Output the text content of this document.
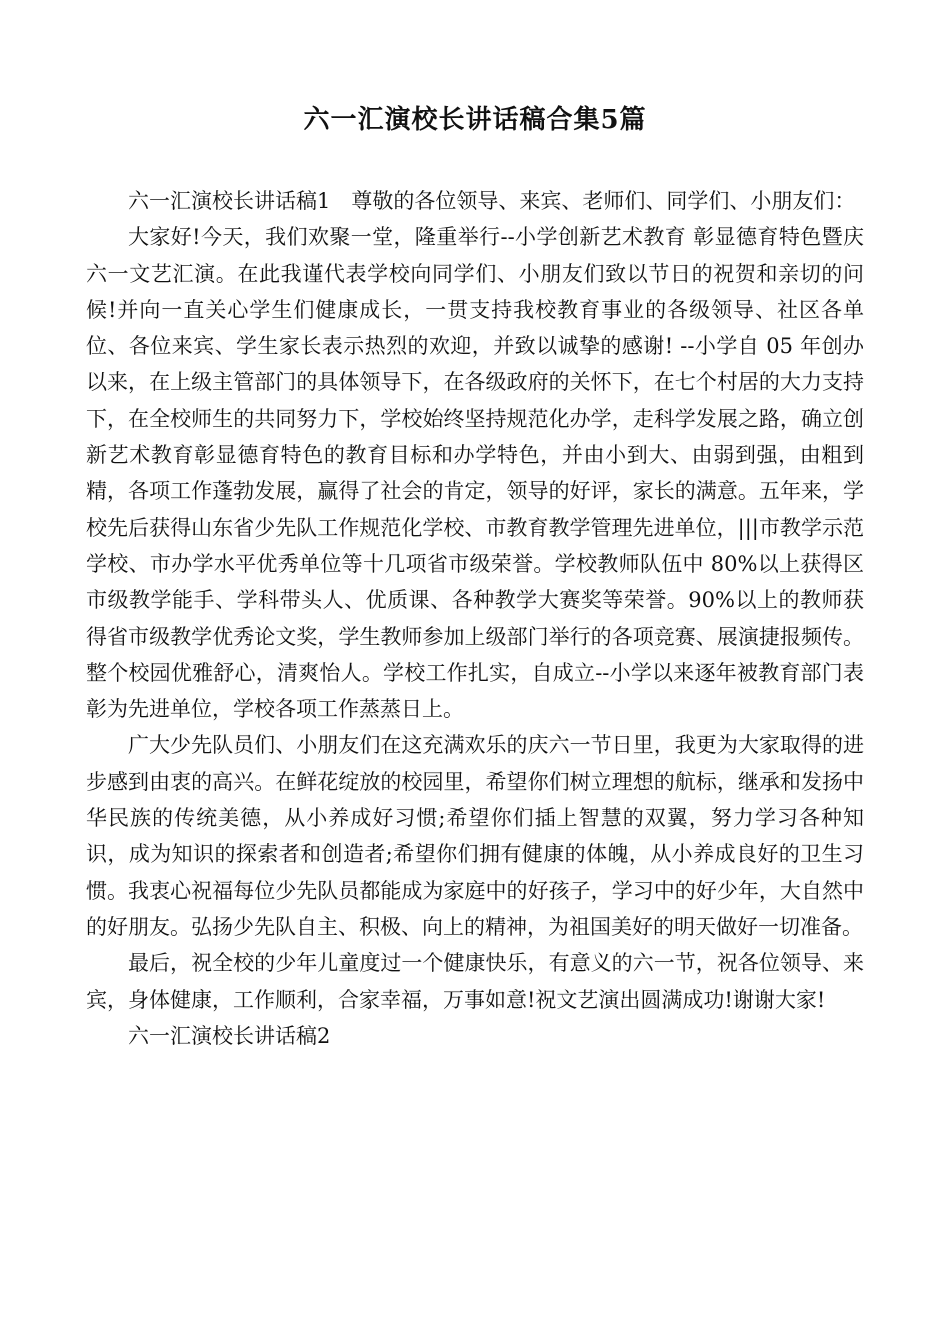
六一汇演校长讲话稿合集5篇

六一汇演校长讲话稿1　尊敬的各位领导、来宾、老师们、同学们、小朋友们：

大家好!今天，我们欢聚一堂，隆重举行--小学创新艺术教育 彰显德育特色暨庆六一文艺汇演。在此我谨代表学校向同学们、小朋友们致以节日的祝贺和亲切的问候!并向一直关心学生们健康成长，一贯支持我校教育事业的各级领导、社区各单位、各位来宾、学生家长表示热烈的欢迎，并致以诚挚的感谢! --小学自 05 年创办以来，在上级主管部门的具体领导下，在各级政府的关怀下，在七个村居的大力支持下，在全校师生的共同努力下，学校始终坚持规范化办学，走科学发展之路，确立创新艺术教育彰显德育特色的教育目标和办学特色，并由小到大、由弱到强，由粗到精，各项工作蓬勃发展，赢得了社会的肯定，领导的好评，家长的满意。五年来，学校先后获得山东省少先队工作规范化学校、市教育教学管理先进单位，|||市教学示范学校、市办学水平优秀单位等十几项省市级荣誉。学校教师队伍中 80%以上获得区市级教学能手、学科带头人、优质课、各种教学大赛奖等荣誉。90%以上的教师获得省市级教学优秀论文奖，学生教师参加上级部门举行的各项竞赛、展演捷报频传。整个校园优雅舒心，清爽怡人。学校工作扎实，自成立--小学以来逐年被教育部门表彰为先进单位，学校各项工作蒸蒸日上。

广大少先队员们、小朋友们在这充满欢乐的庆六一节日里，我更为大家取得的进步感到由衷的高兴。在鲜花绽放的校园里，希望你们树立理想的航标，继承和发扬中华民族的传统美德，从小养成好习惯;希望你们插上智慧的双翼，努力学习各种知识，成为知识的探索者和创造者;希望你们拥有健康的体魄，从小养成良好的卫生习惯。我衷心祝福每位少先队员都能成为家庭中的好孩子，学习中的好少年，大自然中的好朋友。弘扬少先队自主、积极、向上的精神，为祖国美好的明天做好一切准备。

最后，祝全校的少年儿童度过一个健康快乐，有意义的六一节，祝各位领导、来宾，身体健康，工作顺利，合家幸福，万事如意!祝文艺演出圆满成功!谢谢大家!

六一汇演校长讲话稿2
